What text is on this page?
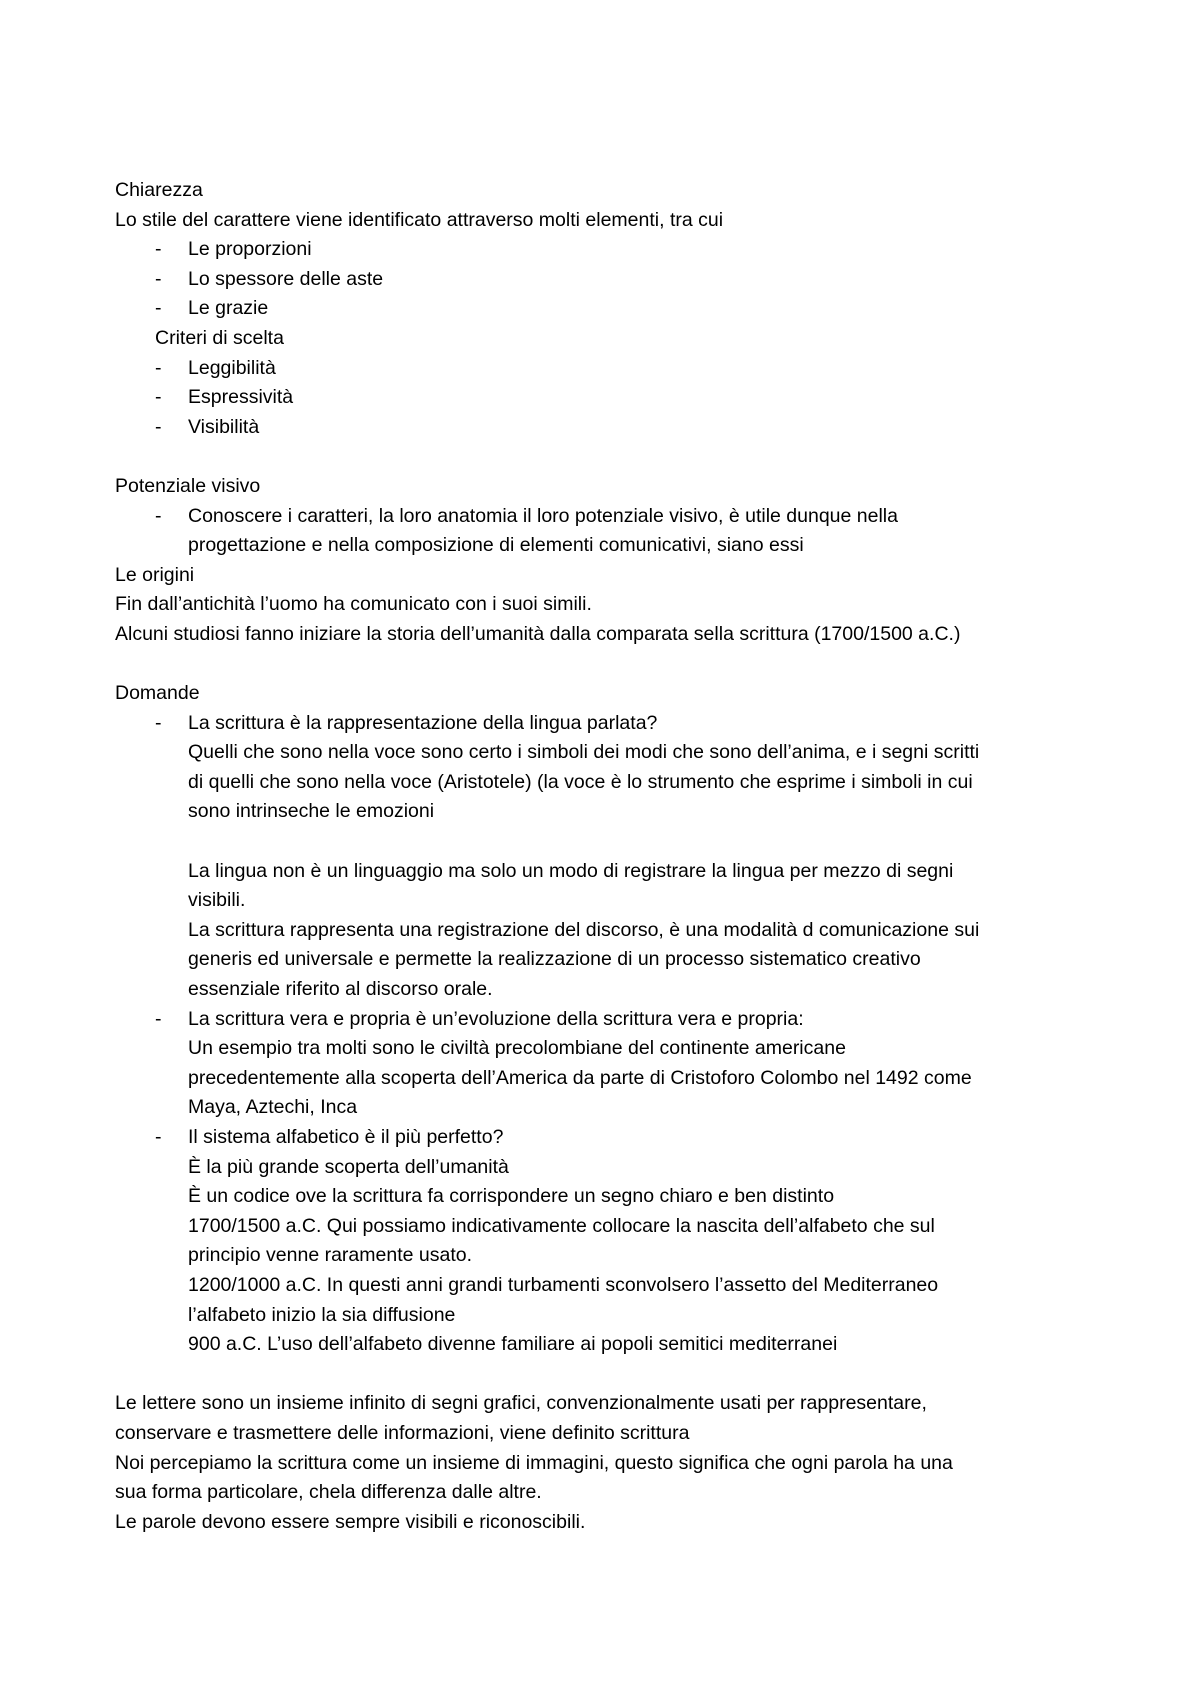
Chiarezza
Lo stile del carattere viene identificato attraverso molti elementi, tra cui
- Le proporzioni
- Lo spessore delle aste
- Le grazie
Criteri di scelta
- Leggibilità
- Espressività
- Visibilità
Potenziale visivo
- Conoscere i caratteri, la loro anatomia il loro potenziale visivo, è utile dunque nella
progettazione e nella composizione di elementi comunicativi, siano essi
Le origini
Fin dall’antichità l’uomo ha comunicato con i suoi simili.
Alcuni studiosi fanno iniziare la storia dell’umanità dalla comparata sella scrittura (1700/1500 a.C.)
Domande
- La scrittura è la rappresentazione della lingua parlata?
Quelli che sono nella voce sono certo i simboli dei modi che sono dell’anima, e i segni scritti
di quelli che sono nella voce (Aristotele) (la voce è lo strumento che esprime i simboli in cui
sono intrinseche le emozioni
La lingua non è un linguaggio ma solo un modo di registrare la lingua per mezzo di segni
visibili.
La scrittura rappresenta una registrazione del discorso, è una modalità d comunicazione sui
generis ed universale e permette la realizzazione di un processo sistematico creativo
essenziale riferito al discorso orale.
- La scrittura vera e propria è un’evoluzione della scrittura vera e propria:
Un esempio tra molti sono le civiltà precolombiane del continente americane
precedentemente alla scoperta dell’America da parte di Cristoforo Colombo nel 1492 come
Maya, Aztechi, Inca
- Il sistema alfabetico è il più perfetto?
È la più grande scoperta dell’umanità
È un codice ove la scrittura fa corrispondere un segno chiaro e ben distinto
1700/1500 a.C. Qui possiamo indicativamente collocare la nascita dell’alfabeto che sul
principio venne raramente usato.
1200/1000 a.C. In questi anni grandi turbamenti sconvolsero l’assetto del Mediterraneo
l’alfabeto inizio la sia diffusione
900 a.C. L’uso dell’alfabeto divenne familiare ai popoli semitici mediterranei
Le lettere sono un insieme infinito di segni grafici, convenzionalmente usati per rappresentare,
conservare e trasmettere delle informazioni, viene definito scrittura
Noi percepiamo la scrittura come un insieme di immagini, questo significa che ogni parola ha una
sua forma particolare, chela differenza dalle altre.
Le parole devono essere sempre visibili e riconoscibili.
